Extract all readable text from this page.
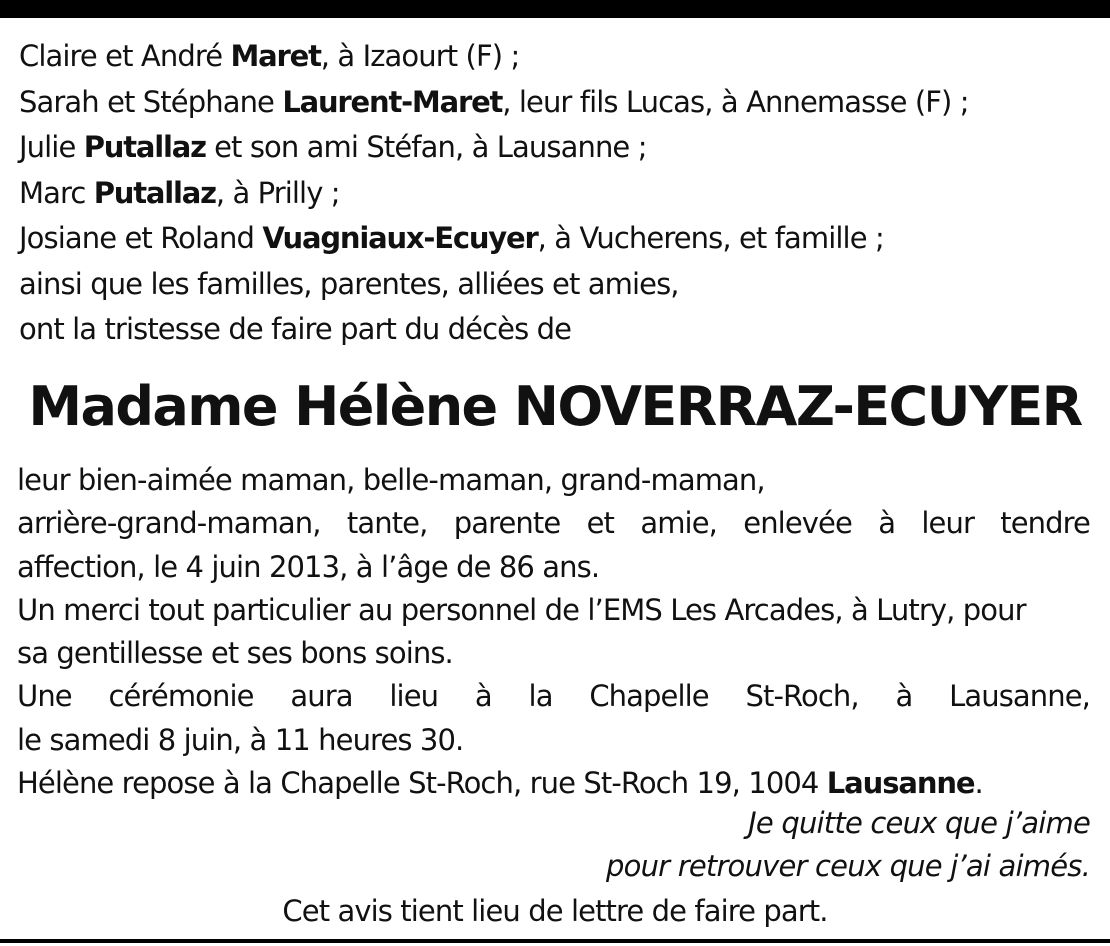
Claire et André Maret, à Izaourt (F) ;
Sarah et Stéphane Laurent-Maret, leur fils Lucas, à Annemasse (F) ;
Julie Putallaz et son ami Stéfan, à Lausanne ;
Marc Putallaz, à Prilly ;
Josiane et Roland Vuagniaux-Ecuyer, à Vucherens, et famille ;
ainsi que les familles, parentes, alliées et amies,
ont la tristesse de faire part du décès de
Madame Hélène NOVERRAZ-ECUYER
leur bien-aimée maman, belle-maman, grand-maman,
arrière-grand-maman, tante, parente et amie, enlevée à leur tendre
affection, le 4 juin 2013, à l’âge de 86 ans.
Un merci tout particulier au personnel de l’EMS Les Arcades, à Lutry, pour
sa gentillesse et ses bons soins.
Une cérémonie aura lieu à la Chapelle St-Roch, à Lausanne,
le samedi 8 juin, à 11 heures 30.
Hélène repose à la Chapelle St-Roch, rue St-Roch 19, 1004 Lausanne.
Je quitte ceux que j’aime
pour retrouver ceux que j’ai aimés.
Cet avis tient lieu de lettre de faire part.
